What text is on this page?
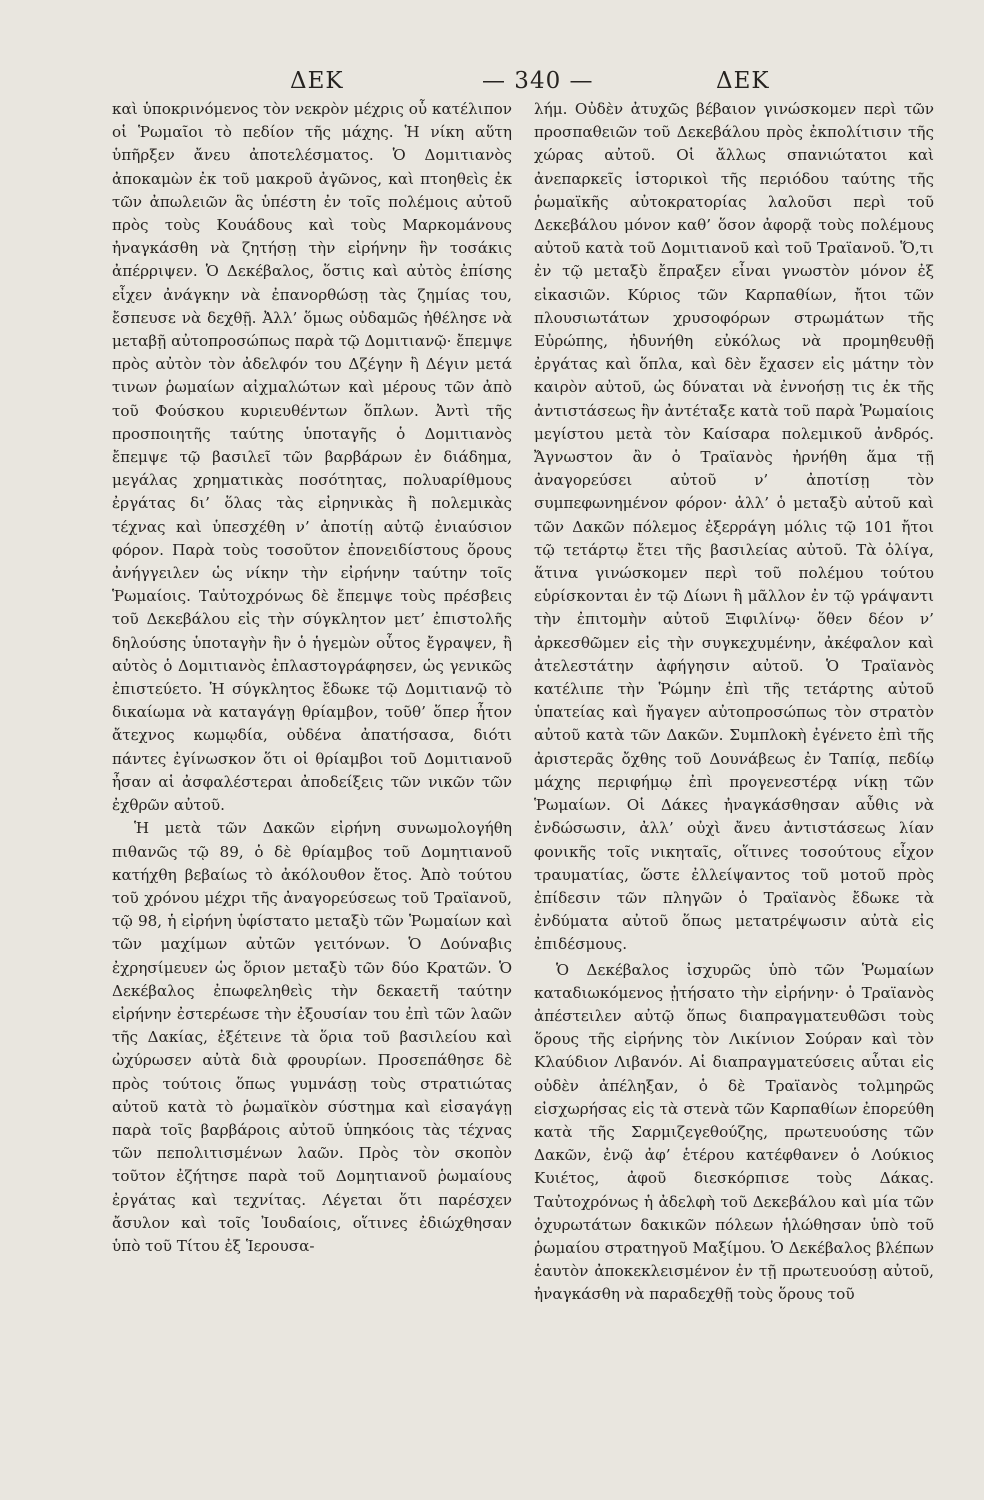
ΔΕΚ	— 340 —	ΔΕΚ

καὶ ὑποκρινόμενος τὸν νεκρὸν μέχρις οὗ κατέλιπον οἱ Ῥωμαῖοι τὸ πεδίον τῆς μάχης. Ἡ νίκη αὕτη ὑπῆρξεν ἄνευ ἀποτελέσματος. Ὁ Δομιτιανὸς ἀποκαμὼν ἐκ τοῦ μακροῦ ἀγῶνος, καὶ πτοηθεὶς ἐκ τῶν ἀπωλειῶν ἃς ὑπέστη ἐν τοῖς πολέμοις αὐτοῦ πρὸς τοὺς Κουάδους καὶ τοὺς Μαρκομάνους ἠναγκάσθη νὰ ζητήσῃ τὴν εἰρήνην ἣν τοσάκις ἀπέρριψεν. Ὁ Δεκέβαλος, ὅστις καὶ αὐτὸς ἐπίσης εἶχεν ἀνάγκην νὰ ἐπανορθώσῃ τὰς ζημίας του, ἔσπευσε νὰ δεχθῇ. Ἀλλ’ ὅμως οὐδαμῶς ἠθέλησε νὰ μεταβῇ αὐτοπροσώπως παρὰ τῷ Δομιτιανῷ· ἔπεμψε πρὸς αὐτὸν τὸν ἀδελφόν του Δζέγην ἢ Δέγιν μετά τινων ῥωμαίων αἰχμαλώτων καὶ μέρους τῶν ἀπὸ τοῦ Φούσκου κυριευθέντων ὅπλων. Ἀντὶ τῆς προσποιητῆς ταύτης ὑποταγῆς ὁ Δομιτιανὸς ἔπεμψε τῷ βασιλεῖ τῶν βαρβάρων ἐν διάδημα, μεγάλας χρηματικὰς ποσότητας, πολυαρίθμους ἐργάτας δι’ ὅλας τὰς εἰρηνικὰς ἢ πολεμικὰς τέχνας καὶ ὑπεσχέθη ν’ ἀποτίῃ αὐτῷ ἐνιαύσιον φόρον. Παρὰ τοὺς τοσοῦτον ἐπονειδίστους ὅρους ἀνήγγειλεν ὡς νίκην τὴν εἰρήνην ταύτην τοῖς Ῥωμαίοις. Ταὐτοχρόνως δὲ ἔπεμψε τοὺς πρέσβεις τοῦ Δεκεβάλου εἰς τὴν σύγκλητον μετ’ ἐπιστολῆς δηλούσης ὑποταγὴν ἣν ὁ ἡγεμὼν οὗτος ἔγραψεν, ἢ αὐτὸς ὁ Δομιτιανὸς ἐπλαστογράφησεν, ὡς γενικῶς ἐπιστεύετο. Ἡ σύγκλητος ἔδωκε τῷ Δομιτιανῷ τὸ δικαίωμα νὰ καταγάγῃ θρίαμβον, τοῦθ’ ὅπερ ἦτον ἄτεχνος κωμῳδία, οὐδένα ἀπατήσασα, διότι πάντες ἐγίνωσκον ὅτι οἱ θρίαμβοι τοῦ Δομιτιανοῦ ἦσαν αἱ ἀσφαλέστεραι ἀποδείξεις τῶν νικῶν τῶν ἐχθρῶν αὐτοῦ.

Ἡ μετὰ τῶν Δακῶν εἰρήνη συνωμολογήθη πιθανῶς τῷ 89, ὁ δὲ θρίαμβος τοῦ Δομητιανοῦ κατήχθη βεβαίως τὸ ἀκόλουθον ἔτος. Ἀπὸ τούτου τοῦ χρόνου μέχρι τῆς ἀναγορεύσεως τοῦ Τραϊανοῦ, τῷ 98, ἡ εἰρήνη ὑφίστατο μεταξὺ τῶν Ῥωμαίων καὶ τῶν μαχίμων αὐτῶν γειτόνων. Ὁ Δούναβις ἐχρησίμευεν ὡς ὅριον μεταξὺ τῶν δύο Κρατῶν. Ὁ Δεκέβαλος ἐπωφεληθεὶς τὴν δεκαετῆ ταύτην εἰρήνην ἐστερέωσε τὴν ἐξουσίαν του ἐπὶ τῶν λαῶν τῆς Δακίας, ἐξέτεινε τὰ ὅρια τοῦ βασιλείου καὶ ὠχύρωσεν αὐτὰ διὰ φρουρίων. Προσεπάθησε δὲ πρὸς τούτοις ὅπως γυμνάσῃ τοὺς στρατιώτας αὐτοῦ κατὰ τὸ ῥωμαϊκὸν σύστημα καὶ εἰσαγάγῃ παρὰ τοῖς βαρβάροις αὐτοῦ ὑπηκόοις τὰς τέχνας τῶν πεπολιτισμένων λαῶν. Πρὸς τὸν σκοπὸν τοῦτον ἐζήτησε παρὰ τοῦ Δομητιανοῦ ῥωμαίους ἐργάτας καὶ τεχνίτας. Λέγεται ὅτι παρέσχεν ἄσυλον καὶ τοῖς Ἰουδαίοις, οἵτινες ἐδιώχθησαν ὑπὸ τοῦ Τίτου ἐξ Ἱερουσα-

λήμ. Οὐδὲν ἀτυχῶς βέβαιον γινώσκομεν περὶ τῶν προσπαθειῶν τοῦ Δεκεβάλου πρὸς ἐκπολίτισιν τῆς χώρας αὐτοῦ. Οἱ ἄλλως σπανιώτατοι καὶ ἀνεπαρκεῖς ἱστορικοὶ τῆς περιόδου ταύτης τῆς ῥωμαϊκῆς αὐτοκρατορίας λαλοῦσι περὶ τοῦ Δεκεβάλου μόνον καθ’ ὅσον ἀφορᾷ τοὺς πολέμους αὐτοῦ κατὰ τοῦ Δομιτιανοῦ καὶ τοῦ Τραϊανοῦ. Ὅ,τι ἐν τῷ μεταξὺ ἔπραξεν εἶναι γνωστὸν μόνον ἐξ εἰκασιῶν. Κύριος τῶν Καρπαθίων, ἤτοι τῶν πλουσιωτάτων χρυσοφόρων στρωμάτων τῆς Εὐρώπης, ἠδυνήθη εὐκόλως νὰ προμηθευθῇ ἐργάτας καὶ ὅπλα, καὶ δὲν ἔχασεν εἰς μάτην τὸν καιρὸν αὐτοῦ, ὡς δύναται νὰ ἐννοήσῃ τις ἐκ τῆς ἀντιστάσεως ἣν ἀντέταξε κατὰ τοῦ παρὰ Ῥωμαίοις μεγίστου μετὰ τὸν Καίσαρα πολεμικοῦ ἀνδρός. Ἄγνωστον ἂν ὁ Τραϊανὸς ἠρνήθη ἅμα τῇ ἀναγορεύσει αὐτοῦ ν’ ἀποτίσῃ τὸν συμπεφωνημένον φόρον· ἀλλ’ ὁ μεταξὺ αὐτοῦ καὶ τῶν Δακῶν πόλεμος ἐξερράγη μόλις τῷ 101 ἤτοι τῷ τετάρτῳ ἔτει τῆς βασιλείας αὐτοῦ. Τὰ ὀλίγα, ἅτινα γινώσκομεν περὶ τοῦ πολέμου τούτου εὑρίσκονται ἐν τῷ Δίωνι ἢ μᾶλλον ἐν τῷ γράψαντι τὴν ἐπιτομὴν αὐτοῦ Ξιφιλίνῳ· ὅθεν δέον ν’ ἀρκεσθῶμεν εἰς τὴν συγκεχυμένην, ἀκέφαλον καὶ ἀτελεστάτην ἀφήγησιν αὐτοῦ. Ὁ Τραϊανὸς κατέλιπε τὴν Ῥώμην ἐπὶ τῆς τετάρτης αὐτοῦ ὑπατείας καὶ ἤγαγεν αὐτοπροσώπως τὸν στρατὸν αὐτοῦ κατὰ τῶν Δακῶν. Συμπλοκὴ ἐγένετο ἐπὶ τῆς ἀριστερᾶς ὄχθης τοῦ Δουνάβεως ἐν Ταπίᾳ, πεδίῳ μάχης περιφήμῳ ἐπὶ προγενεστέρᾳ νίκῃ τῶν Ῥωμαίων. Οἱ Δάκες ἠναγκάσθησαν αὖθις νὰ ἐνδώσωσιν, ἀλλ’ οὐχὶ ἄνευ ἀντιστάσεως λίαν φονικῆς τοῖς νικηταῖς, οἵτινες τοσούτους εἶχον τραυματίας, ὥστε ἐλλείψαντος τοῦ μοτοῦ πρὸς ἐπίδεσιν τῶν πληγῶν ὁ Τραϊανὸς ἔδωκε τὰ ἐνδύματα αὐτοῦ ὅπως μετατρέψωσιν αὐτὰ εἰς ἐπιδέσμους.

Ὁ Δεκέβαλος ἰσχυρῶς ὑπὸ τῶν Ῥωμαίων καταδιωκόμενος ᾐτήσατο τὴν εἰρήνην· ὁ Τραϊανὸς ἀπέστειλεν αὐτῷ ὅπως διαπραγματευθῶσι τοὺς ὅρους τῆς εἰρήνης τὸν Λικίνιον Σούραν καὶ τὸν Κλαύδιον Λιβανόν. Αἱ διαπραγματεύσεις αὗται εἰς οὐδὲν ἀπέληξαν, ὁ δὲ Τραϊανὸς τολμηρῶς εἰσχωρήσας εἰς τὰ στενὰ τῶν Καρπαθίων ἐπορεύθη κατὰ τῆς Σαρμιζεγεθούζης, πρωτευούσης τῶν Δακῶν, ἐνῷ ἀφ’ ἑτέρου κατέφθανεν ὁ Λούκιος Κυιέτος, ἀφοῦ διεσκόρπισε τοὺς Δάκας. Ταὐτοχρόνως ἡ ἀδελφὴ τοῦ Δεκεβάλου καὶ μία τῶν ὀχυρωτάτων δακικῶν πόλεων ἡλώθησαν ὑπὸ τοῦ ῥωμαίου στρατηγοῦ Μαξίμου. Ὁ Δεκέβαλος βλέπων ἑαυτὸν ἀποκεκλεισμένον ἐν τῇ πρωτευούσῃ αὐτοῦ, ἠναγκάσθη νὰ παραδεχθῇ τοὺς ὅρους τοῦ
